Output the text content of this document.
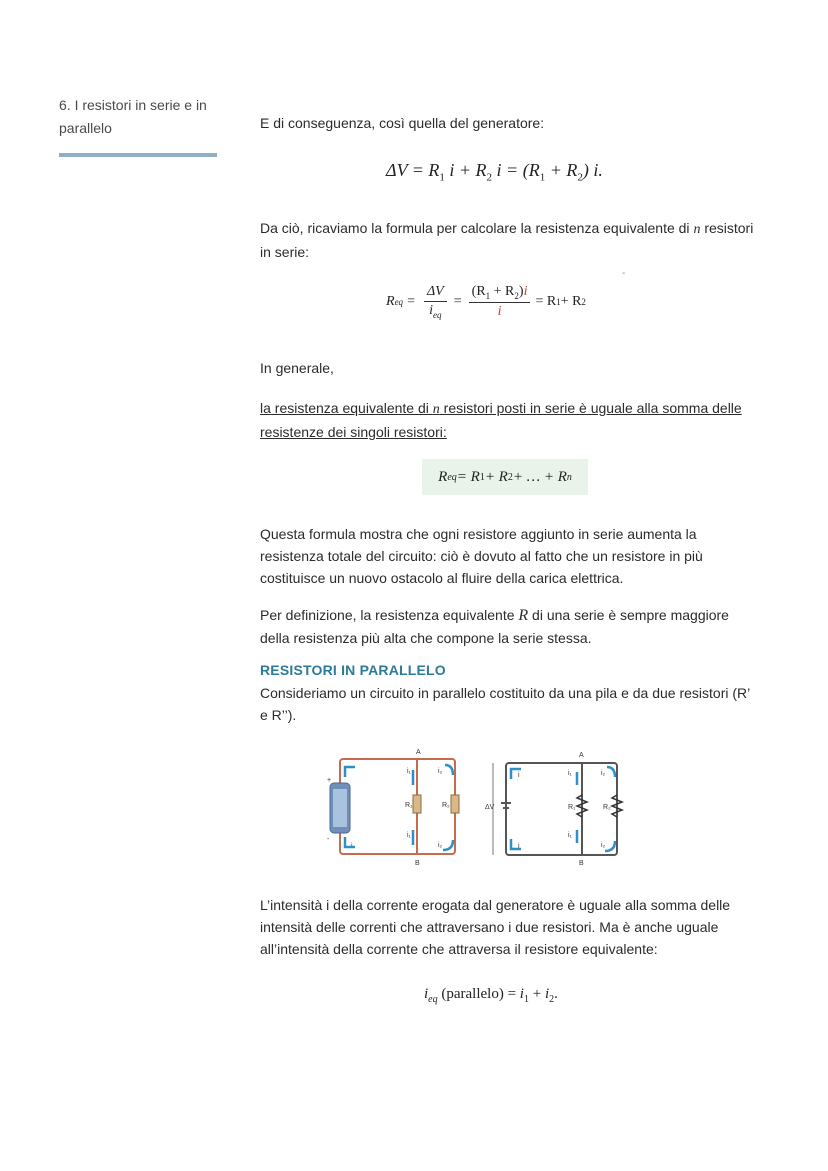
6. I resistori in serie e in parallelo	E di conseguenza, così quella del generatore:

$\Delta V = R_1$ $i + R_2$ $i = (R_1 + R_2)$ i.
Da ciò, ricaviamo la formula per calcolare la resistenza equivalente di n resistori in serie:
-
R eq = $\frac{\Delta V}{i_{eq}} = \frac{(R_1 + R_2)i}{i} = R$ 1 + R 2
In generale,
la resistenza equivalente di n resistori posti in serie è uguale alla somma delle resistenze dei singoli resistori:
R eq = R 1 + R 2 + … + R n
Questa formula mostra che ogni resistore aggiunto in serie aumenta la resistenza totale del circuito: ciò è dovuto al fatto che un resistore in più costituisce un nuovo ostacolo al fluire della carica elettrica.
Per definizione, la resistenza equivalente R di una serie è sempre maggiore della resistenza più alta che compone la serie stessa.
RESISTORI IN PARALLELO
Consideriamo un circuito in parallelo costituito da una pila e da due resistori (R’ e R’’).
A
+
-
R₁	R₂
i₁	i₂
i₁
i₂
i
B
ΔV
A
R₁	R₂
i₁	i₂
i₁
i₂
i
i
B
L’intensità i della corrente erogata dal generatore è uguale alla somma delle intensità delle correnti che attraversano i due resistori. Ma è anche uguale all’intensità della corrente che attraversa il resistore equivalente:
$i_{eq}$ (parallelo) = $i_1 + i_2$.
